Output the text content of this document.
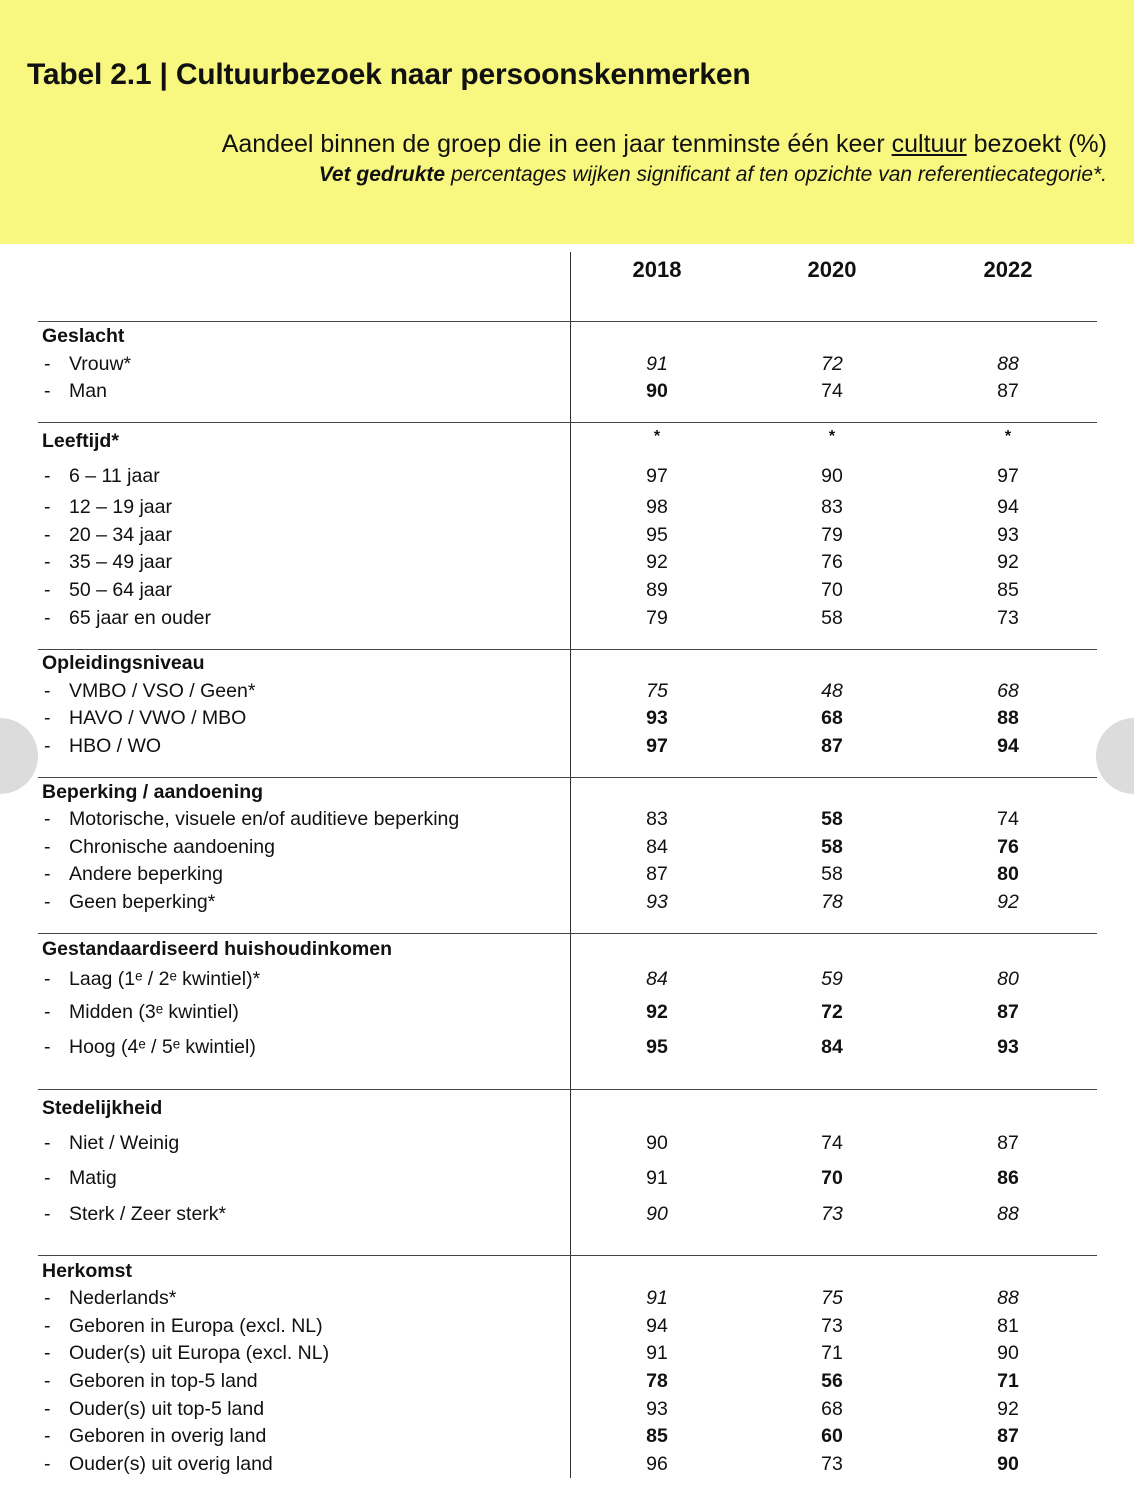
Tabel 2.1 | Cultuurbezoek naar persoonskenmerken

Aandeel binnen de groep die in een jaar tenminste één keer cultuur bezoekt (%)

Vet gedrukte percentages wijken significant af ten opzichte van referentiecategorie*.

2018	2020	2022
Geslacht
- Vrouw*	91	72	88
- Man	90	74	87
Leeftijd*	*	*	*
- 6 – 11 jaar	97	90	97
- 12 – 19 jaar	98	83	94
- 20 – 34 jaar	95	79	93
- 35 – 49 jaar	92	76	92
- 50 – 64 jaar	89	70	85
- 65 jaar en ouder	79	58	73
Opleidingsniveau
- VMBO / VSO / Geen*	75	48	68
- HAVO / VWO / MBO	93	68	88
- HBO / WO	97	87	94
Beperking / aandoening
- Motorische, visuele en/of auditieve beperking	83	58	74
- Chronische aandoening	84	58	76
- Andere beperking	87	58	80
- Geen beperking*	93	78	92
Gestandaardiseerd huishoudinkomen
- Laag (1ᵉ / 2ᵉ kwintiel)*	84	59	80
- Midden (3ᵉ kwintiel)	92	72	87
- Hoog (4ᵉ / 5ᵉ kwintiel)	95	84	93
Stedelijkheid
- Niet / Weinig	90	74	87
- Matig	91	70	86
- Sterk / Zeer sterk*	90	73	88
Herkomst
- Nederlands*	91	75	88
- Geboren in Europa (excl. NL)	94	73	81
- Ouder(s) uit Europa (excl. NL)	91	71	90
- Geboren in top-5 land	78	56	71
- Ouder(s) uit top-5 land	93	68	92
- Geboren in overig land	85	60	87
- Ouder(s) uit overig land	96	73	90
